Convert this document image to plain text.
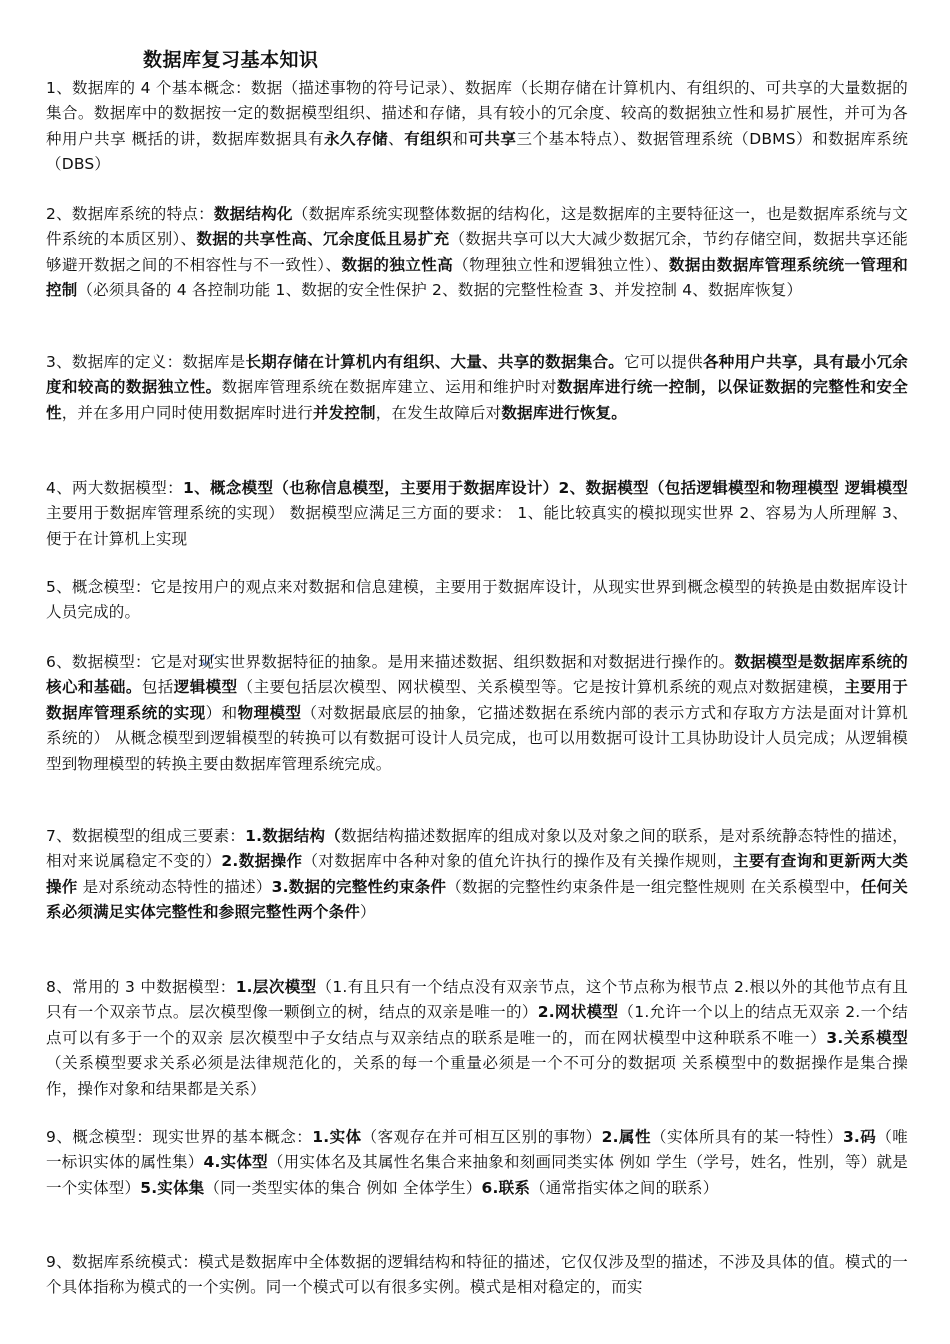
数据库复习基本知识

1、数据库的 4 个基本概念：数据（描述事物的符号记录）、数据库（长期存储在计算机内、有组织的、可共享的大量数据的集合。数据库中的数据按一定的数据模型组织、描述和存储，具有较小的冗余度、较高的数据独立性和易扩展性，并可为各种用户共享 概括的讲，数据库数据具有永久存储、有组织和可共享三个基本特点）、数据管理系统（DBMS）和数据库系统（DBS）

2、数据库系统的特点：数据结构化（数据库系统实现整体数据的结构化，这是数据库的主要特征这一，也是数据库系统与文件系统的本质区别）、数据的共享性高、冗余度低且易扩充（数据共享可以大大减少数据冗余，节约存储空间，数据共享还能够避开数据之间的不相容性与不一致性）、数据的独立性高（物理独立性和逻辑独立性）、数据由数据库管理系统统一管理和控制（必须具备的 4 各控制功能 1、数据的安全性保护 2、数据的完整性检查 3、并发控制 4、数据库恢复）

3、数据库的定义：数据库是长期存储在计算机内有组织、大量、共享的数据集合。它可以提供各种用户共享，具有最小冗余度和较高的数据独立性。数据库管理系统在数据库建立、运用和维护时对数据库进行统一控制，以保证数据的完整性和安全性，并在多用户同时使用数据库时进行并发控制，在发生故障后对数据库进行恢复。

4、两大数据模型：1、概念模型（也称信息模型，主要用于数据库设计）2、数据模型（包括逻辑模型和物理模型 逻辑模型主要用于数据库管理系统的实现） 数据模型应满足三方面的要求： 1、能比较真实的模拟现实世界 2、容易为人所理解 3、便于在计算机上实现

5、概念模型：它是按用户的观点来对数据和信息建模，主要用于数据库设计，从现实世界到概念模型的转换是由数据库设计人员完成的。

6、数据模型：它是对现实世界数据特征的抽象。是用来描述数据、组织数据和对数据进行操作的。数据模型是数据库系统的核心和基础。包括逻辑模型（主要包括层次模型、网状模型、关系模型等。它是按计算机系统的观点对数据建模，主要用于数据库管理系统的实现）和物理模型（对数据最底层的抽象，它描述数据在系统内部的表示方式和存取方方法是面对计算机系统的） 从概念模型到逻辑模型的转换可以有数据可设计人员完成，也可以用数据可设计工具协助设计人员完成；从逻辑模型到物理模型的转换主要由数据库管理系统完成。

7、数据模型的组成三要素：1.数据结构（数据结构描述数据库的组成对象以及对象之间的联系，是对系统静态特性的描述，相对来说属稳定不变的）2.数据操作（对数据库中各种对象的值允许执行的操作及有关操作规则，主要有查询和更新两大类操作 是对系统动态特性的描述）3.数据的完整性约束条件（数据的完整性约束条件是一组完整性规则 在关系模型中，任何关系必须满足实体完整性和参照完整性两个条件）

8、常用的 3 中数据模型：1.层次模型（1.有且只有一个结点没有双亲节点，这个节点称为根节点 2.根以外的其他节点有且只有一个双亲节点。层次模型像一颗倒立的树，结点的双亲是唯一的）2.网状模型（1.允许一个以上的结点无双亲 2.一个结点可以有多于一个的双亲 层次模型中子女结点与双亲结点的联系是唯一的，而在网状模型中这种联系不唯一）3.关系模型（关系模型要求关系必须是法律规范化的，关系的每一个重量必须是一个不可分的数据项 关系模型中的数据操作是集合操作，操作对象和结果都是关系）

9、概念模型：现实世界的基本概念：1.实体（客观存在并可相互区别的事物）2.属性（实体所具有的某一特性）3.码（唯一标识实体的属性集）4.实体型（用实体名及其属性名集合来抽象和刻画同类实体 例如 学生（学号，姓名，性别，等）就是一个实体型）5.实体集（同一类型实体的集合 例如 全体学生）6.联系（通常指实体之间的联系）

9、数据库系统模式：模式是数据库中全体数据的逻辑结构和特征的描述，它仅仅涉及型的描述，不涉及具体的值。模式的一个具体指称为模式的一个实例。同一个模式可以有很多实例。模式是相对稳定的，而实
